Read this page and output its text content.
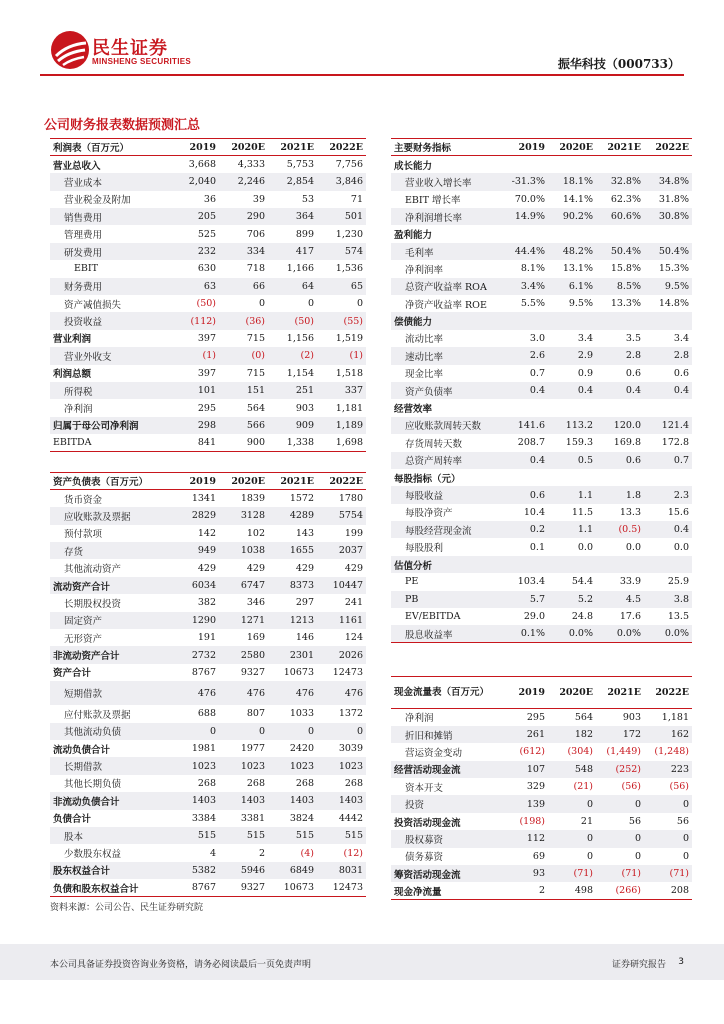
民生证券
MINSHENG SECURITIES	振华科技（000733）
公司财务报表数据预测汇总
利润表（百万元）	2019	2020E	2021E	2022E
营业总收入	3,668	4,333	5,753	7,756
营业成本	2,040	2,246	2,854	3,846
营业税金及附加	36	39	53	71
销售费用	205	290	364	501
管理费用	525	706	899	1,230
研发费用	232	334	417	574
EBIT	630	718	1,166	1,536
财务费用	63	66	64	65
资产减值损失	(50)	0	0	0
投资收益	(112)	(36)	(50)	(55)
营业利润	397	715	1,156	1,519
营业外收支	(1)	(0)	(2)	(1)
利润总额	397	715	1,154	1,518
所得税	101	151	251	337
净利润	295	564	903	1,181
归属于母公司净利润	298	566	909	1,189
EBITDA	841	900	1,338	1,698
资产负债表（百万元）	2019	2020E	2021E	2022E
货币资金	1341	1839	1572	1780
应收账款及票据	2829	3128	4289	5754
预付款项	142	102	143	199
存货	949	1038	1655	2037
其他流动资产	429	429	429	429
流动资产合计	6034	6747	8373	10447
长期股权投资	382	346	297	241
固定资产	1290	1271	1213	1161
无形资产	191	169	146	124
非流动资产合计	2732	2580	2301	2026
资产合计	8767	9327	10673	12473
短期借款	476	476	476	476
应付账款及票据	688	807	1033	1372
其他流动负债	0	0	0	0
流动负债合计	1981	1977	2420	3039
长期借款	1023	1023	1023	1023
其他长期负债	268	268	268	268
非流动负债合计	1403	1403	1403	1403
负债合计	3384	3381	3824	4442
股本	515	515	515	515
少数股东权益	4	2	(4)	(12)
股东权益合计	5382	5946	6849	8031
负债和股东权益合计	8767	9327	10673	12473
主要财务指标	2019	2020E	2021E	2022E
成长能力				
营业收入增长率	-31.3%	18.1%	32.8%	34.8%
EBIT 增长率	70.0%	14.1%	62.3%	31.8%
净利润增长率	14.9%	90.2%	60.6%	30.8%
盈利能力				
毛利率	44.4%	48.2%	50.4%	50.4%
净利润率	8.1%	13.1%	15.8%	15.3%
总资产收益率 ROA	3.4%	6.1%	8.5%	9.5%
净资产收益率 ROE	5.5%	9.5%	13.3%	14.8%
偿债能力				
流动比率	3.0	3.4	3.5	3.4
速动比率	2.6	2.9	2.8	2.8
现金比率	0.7	0.9	0.6	0.6
资产负债率	0.4	0.4	0.4	0.4
经营效率				
应收账款周转天数	141.6	113.2	120.0	121.4
存货周转天数	208.7	159.3	169.8	172.8
总资产周转率	0.4	0.5	0.6	0.7
每股指标（元）				
每股收益	0.6	1.1	1.8	2.3
每股净资产	10.4	11.5	13.3	15.6
每股经营现金流	0.2	1.1	(0.5)	0.4
每股股利	0.1	0.0	0.0	0.0
估值分析				
PE	103.4	54.4	33.9	25.9
PB	5.7	5.2	4.5	3.8
EV/EBITDA	29.0	24.8	17.6	13.5
股息收益率	0.1%	0.0%	0.0%	0.0%
现金流量表（百万元）	2019	2020E	2021E	2022E
净利润	295	564	903	1,181
折旧和摊销	261	182	172	162
营运资金变动	(612)	(304)	(1,449)	(1,248)
经营活动现金流	107	548	(252)	223
资本开支	329	(21)	(56)	(56)
投资	139	0	0	0
投资活动现金流	(198)	21	56	56
股权募资	112	0	0	0
债务募资	69	0	0	0
筹资活动现金流	93	(71)	(71)	(71)
现金净流量	2	498	(266)	208
资料来源：公司公告、民生证券研究院
本公司具备证券投资咨询业务资格，请务必阅读最后一页免责声明	证券研究报告 3
